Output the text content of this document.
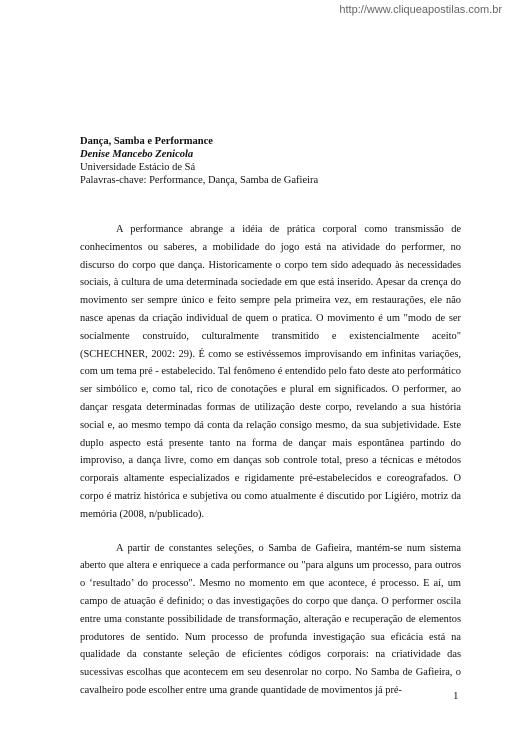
http://www.cliqueapostilas.com.br
Dança, Samba e Performance
Denise Mancebo Zenicola
Universidade Estácio de Sá
Palavras-chave: Performance, Dança, Samba de Gafieira

A performance abrange a idéia de prática corporal como transmissão de conhecimentos ou saberes, a mobilidade do jogo está na atividade do performer, no discurso do corpo que dança. Historicamente o corpo tem sido adequado às necessidades sociais, à cultura de uma determinada sociedade em que está inserido. Apesar da crença do movimento ser sempre único e feito sempre pela primeira vez, em restaurações, ele não nasce apenas da criação individual de quem o pratica. O movimento é um "modo de ser socialmente construído, culturalmente transmitido e existencialmente aceito" (SCHECHNER, 2002: 29). É como se estivéssemos improvisando em infinitas variações, com um tema pré - estabelecido. Tal fenômeno é entendido pelo fato deste ato performático ser simbólico e, como tal, rico de conotações e plural em significados. O performer, ao dançar resgata determinadas formas de utilização deste corpo, revelando a sua história social e, ao mesmo tempo dá conta da relação consigo mesmo, da sua subjetividade. Este duplo aspecto está presente tanto na forma de dançar mais espontânea partindo do improviso, a dança livre, como em danças sob controle total, preso a técnicas e métodos corporais altamente especializados e rigidamente pré-estabelecidos e coreografados. O corpo é matriz histórica e subjetiva ou como atualmente é discutido por Ligiéro, motriz da memória (2008, n/publicado).

A partir de constantes seleções, o Samba de Gafieira, mantém-se num sistema aberto que altera e enriquece a cada performance ou "para alguns um processo, para outros o ‘resultado’ do processo". Mesmo no momento em que acontece, é processo. E aí, um campo de atuação é definido; o das investigações do corpo que dança. O performer oscila entre uma constante possibilidade de transformação, alteração e recuperação de elementos produtores de sentido. Num processo de profunda investigação sua eficácia está na qualidade da constante seleção de eficientes códigos corporais: na criatividade das sucessivas escolhas que acontecem em seu desenrolar no corpo. No Samba de Gafieira, o cavalheiro pode escolher entre uma grande quantidade de movimentos já pré-	1
